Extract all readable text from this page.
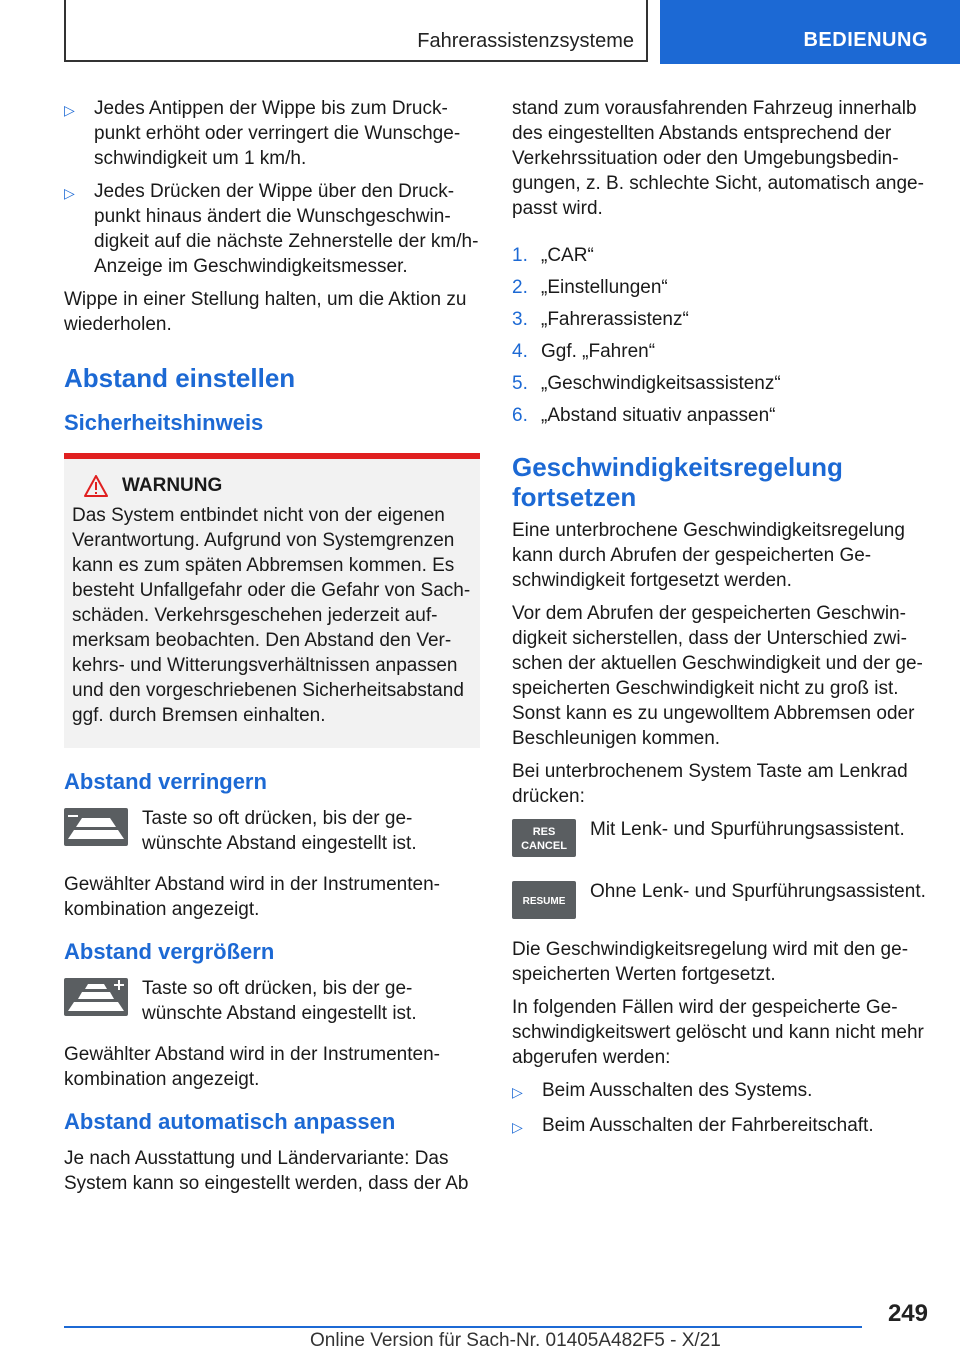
Fahrerassistenzsysteme	BEDIENUNG
▷	Jedes Antippen der Wippe bis zum Druckpunkt erhöht oder verringert die Wunschgeschwindigkeit um 1 km/h.
▷	Jedes Drücken der Wippe über den Druckpunkt hinaus ändert die Wunschgeschwindigkeit auf die nächste Zehnerstelle der km/h-Anzeige im Geschwindigkeitsmesser.

Wippe in einer Stellung halten, um die Aktion zu wiederholen.

Abstand einstellen
Sicherheitshinweis
WARNUNG

Das System entbindet nicht von der eigenen Verantwortung. Aufgrund von Systemgrenzen kann es zum späten Abbremsen kommen. Es besteht Unfallgefahr oder die Gefahr von Sachschäden. Verkehrsgeschehen jederzeit aufmerksam beobachten. Den Abstand den Verkehrs- und Witterungsverhältnissen anpassen und den vorgeschriebenen Sicherheitsabstand ggf. durch Bremsen einhalten.

Abstand verringern

Taste so oft drücken, bis der gewünschte Abstand eingestellt ist.

Gewählter Abstand wird in der Instrumentenkombination angezeigt.

Abstand vergrößern

Taste so oft drücken, bis der gewünschte Abstand eingestellt ist.

Gewählter Abstand wird in der Instrumentenkombination angezeigt.

Abstand automatisch anpassen

Je nach Ausstattung und Ländervariante: Das System kann so eingestellt werden, dass der Ab

stand zum vorausfahrenden Fahrzeug innerhalb des eingestellten Abstands entsprechend der Verkehrssituation oder den Umgebungsbedingungen, z. B. schlechte Sicht, automatisch angepasst wird.

1. „CAR“
2. „Einstellungen“
3. „Fahrerassistenz“
4. Ggf. „Fahren“
5. „Geschwindigkeitsassistenz“
6. „Abstand situativ anpassen“
Geschwindigkeitsregelung fortsetzen

Eine unterbrochene Geschwindigkeitsregelung kann durch Abrufen der gespeicherten Geschwindigkeit fortgesetzt werden.

Vor dem Abrufen der gespeicherten Geschwindigkeit sicherstellen, dass der Unterschied zwischen der aktuellen Geschwindigkeit und der gespeicherten Geschwindigkeit nicht zu groß ist. Sonst kann es zu ungewolltem Abbremsen oder Beschleunigen kommen.

Bei unterbrochenem System Taste am Lenkrad drücken:

RES
CANCEL

Mit Lenk- und Spurführungsassistent.

RESUME Ohne Lenk- und Spurführungsassistent.

Die Geschwindigkeitsregelung wird mit den gespeicherten Werten fortgesetzt.

In folgenden Fällen wird der gespeicherte Geschwindigkeitswert gelöscht und kann nicht mehr abgerufen werden:

▷	Beim Ausschalten des Systems.
▷	Beim Ausschalten der Fahrbereitschaft.
249
Online Version für Sach-Nr. 01405A482F5 - X/21
